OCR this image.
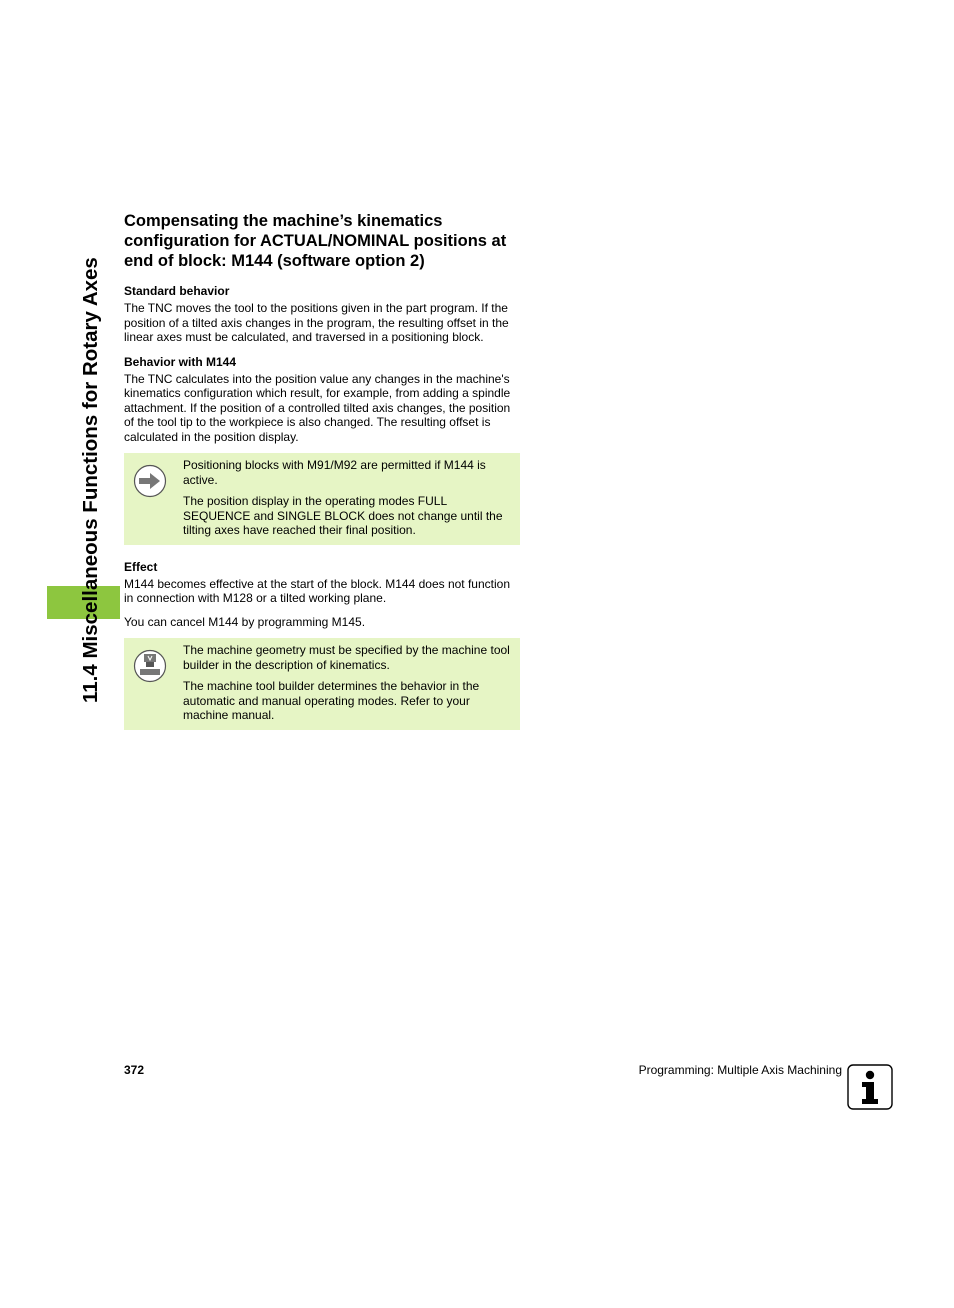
11.4 Miscellaneous Functions for Rotary Axes
Compensating the machine’s kinematics configuration for ACTUAL/NOMINAL positions at end of block: M144 (software option 2)
Standard behavior

The TNC moves the tool to the positions given in the part program. If the position of a tilted axis changes in the program, the resulting offset in the linear axes must be calculated, and traversed in a positioning block.

Behavior with M144

The TNC calculates into the position value any changes in the machine's kinematics configuration which result, for example, from adding a spindle attachment. If the position of a controlled tilted axis changes, the position of the tool tip to the workpiece is also changed. The resulting offset is calculated in the position display.

Positioning blocks with M91/M92 are permitted if M144 is active.

The position display in the operating modes FULL SEQUENCE and SINGLE BLOCK does not change until the tilting axes have reached their final position.

Effect

M144 becomes effective at the start of the block. M144 does not function in connection with M128 or a tilted working plane.

You can cancel M144 by programming M145.

The machine geometry must be specified by the machine tool builder in the description of kinematics.

The machine tool builder determines the behavior in the automatic and manual operating modes. Refer to your machine manual.

372	Programming: Multiple Axis Machining
